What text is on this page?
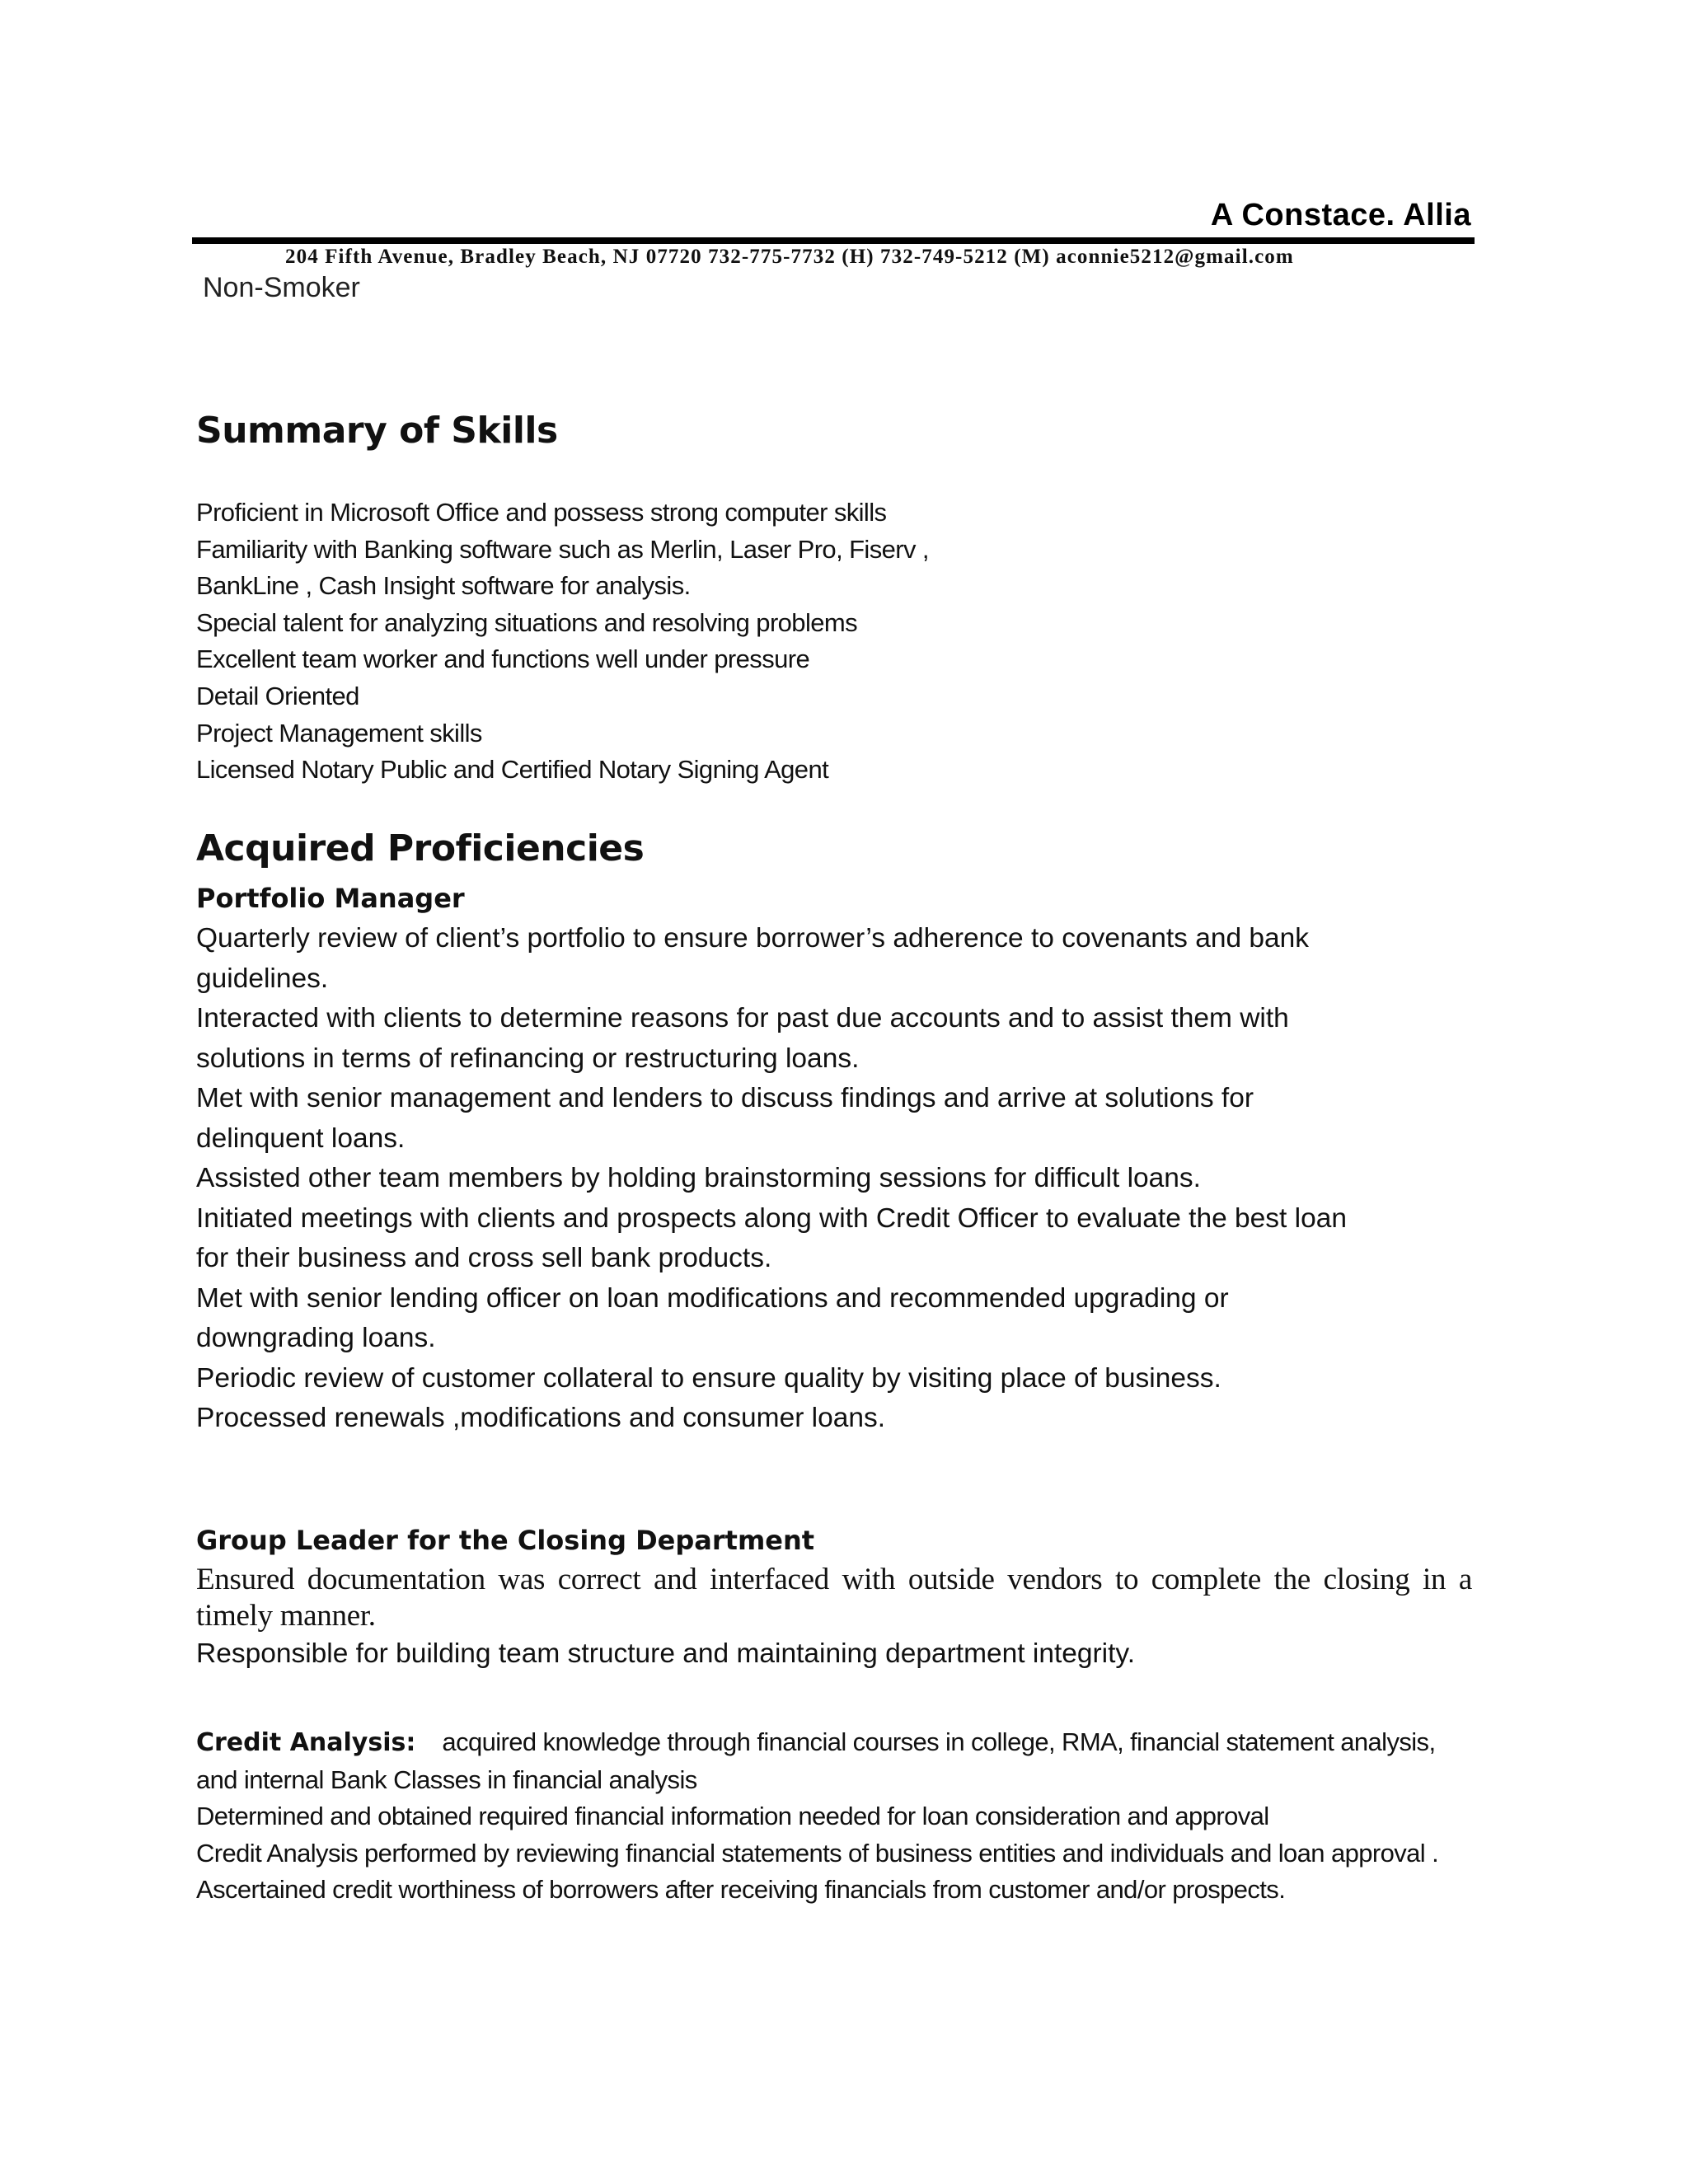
A Constace. Allia
204 Fifth Avenue, Bradley Beach, NJ 07720 732-775-7732 (H) 732-749-5212 (M) aconnie5212@gmail.com
Non-Smoker
Summary of Skills
Proficient in Microsoft Office and possess strong computer skills
Familiarity with Banking software such as Merlin, Laser Pro, Fiserv ,
BankLine , Cash Insight software for analysis.
Special talent for analyzing situations and resolving problems
Excellent team worker and functions well under pressure
Detail Oriented
Project Management skills
Licensed Notary Public and Certified Notary Signing Agent
Acquired Proficiencies
Portfolio Manager
Quarterly review of client’s portfolio to ensure borrower’s adherence to covenants and bank
guidelines.
Interacted with clients to determine reasons for past due accounts and to assist them with
solutions in terms of refinancing or restructuring loans.
Met with senior management and lenders to discuss findings and arrive at solutions for
delinquent loans.
Assisted other team members by holding brainstorming sessions for difficult loans.
Initiated meetings with clients and prospects along with Credit Officer to evaluate the best loan
for their business and cross sell bank products.
Met with senior lending officer on loan modifications and recommended upgrading or
downgrading loans.
Periodic review of customer collateral to ensure quality by visiting place of business.
Processed renewals ,modifications and consumer loans.
Group Leader for the Closing Department
Ensured documentation was correct and interfaced with outside vendors to complete the closing in a timely manner.
Responsible for building team structure and maintaining department integrity.
Credit Analysis: acquired knowledge through financial courses in college, RMA, financial statement analysis, and internal Bank Classes in financial analysis
Determined and obtained required financial information needed for loan consideration and approval
Credit Analysis performed by reviewing financial statements of business entities and individuals and loan approval . Ascertained credit worthiness of borrowers after receiving financials from customer and/or prospects.
